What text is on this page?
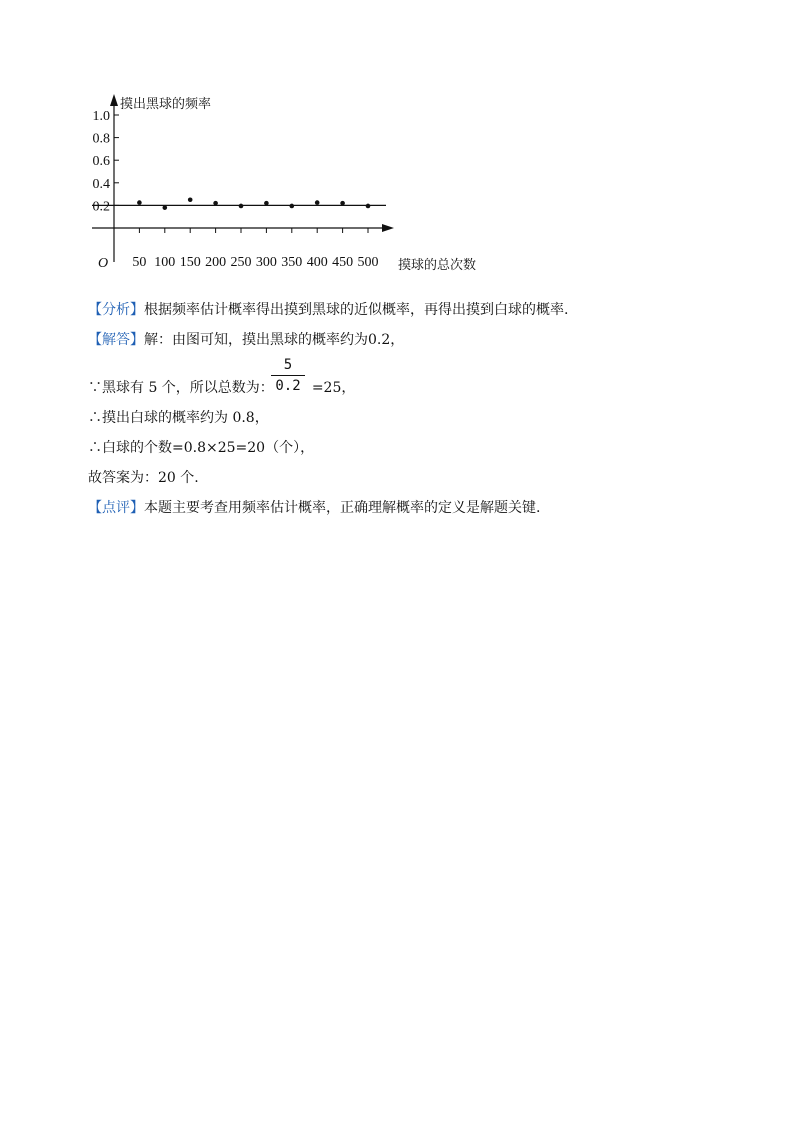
0.2
0.4
0.6
0.8
1.0
50 100 150 200 250 300 350 400 450 500
摸出黑球的频率
摸球的总次数
O
【分析】根据频率估计概率得出摸到黑球的近似概率，再得出摸到白球的概率.
【解答】解：由图可知，摸出黑球的概率约为0.2，
∵黑球有 5 个，所以总数为：	=25，
5
0.2
∴摸出白球的概率约为 0.8，
∴白球的个数=0.8×25=20（个），
故答案为：20 个.
【点评】本题主要考查用频率估计概率，正确理解概率的定义是解题关键.
